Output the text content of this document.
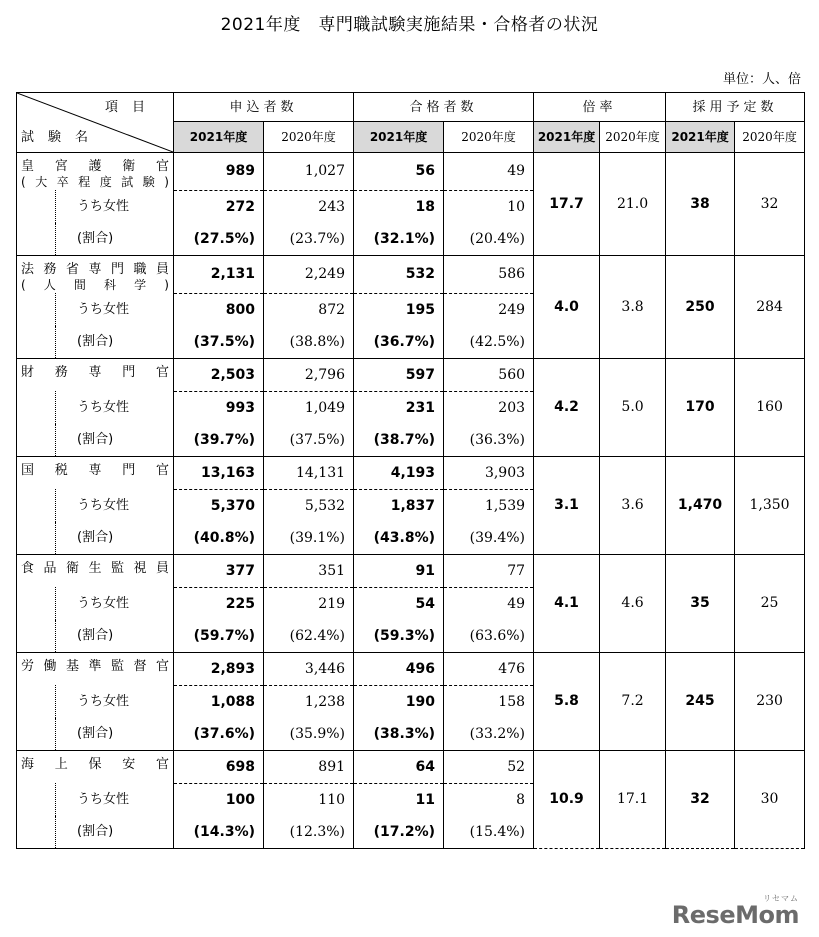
2021年度　専門職試験実施結果・合格者の状況
単位：人、倍
項目
試験名	申込者数		合格者数		倍率		採用予定数	
	2021年度	2020年度	2021年度	2020年度	2021年度	2020年度	2021年度	2020年度

皇宮護衛官
(大卒程度試験)	989	1,027	56	49	17.7	21.0	38	32
うち女性	272	243	18	10				
(割合)	(27.5%)	(23.7%)	(32.1%)	(20.4%)				

法務省専門職員
(人間科学)	2,131	2,249	532	586	4.0	3.8	250	284
うち女性	800	872	195	249				
(割合)	(37.5%)	(38.8%)	(36.7%)	(42.5%)				

財務専門官	2,503	2,796	597	560	4.2	5.0	170	160
うち女性	993	1,049	231	203				
(割合)	(39.7%)	(37.5%)	(38.7%)	(36.3%)				

国税専門官	13,163	14,131	4,193	3,903	3.1	3.6	1,470	1,350
うち女性	5,370	5,532	1,837	1,539				
(割合)	(40.8%)	(39.1%)	(43.8%)	(39.4%)				

食品衛生監視員	377	351	91	77	4.1	4.6	35	25
うち女性	225	219	54	49				
(割合)	(59.7%)	(62.4%)	(59.3%)	(63.6%)				

労働基準監督官	2,893	3,446	496	476	5.8	7.2	245	230
うち女性	1,088	1,238	190	158				
(割合)	(37.6%)	(35.9%)	(38.3%)	(33.2%)				

海上保安官	698	891	64	52	10.9	17.1	32	30
うち女性	100	110	11	8				
(割合)	(14.3%)	(12.3%)	(17.2%)	(15.4%)				
リセマム
ReseMom
